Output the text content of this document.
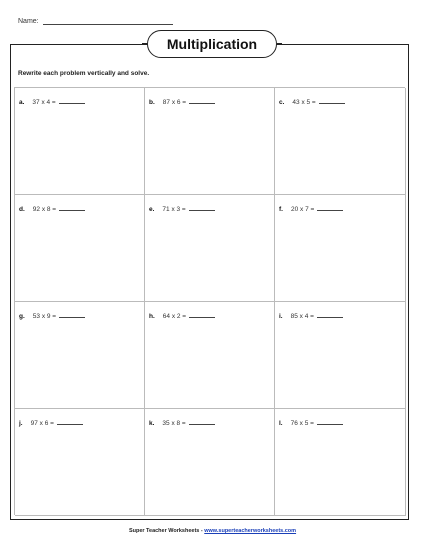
Name:
Multiplication
Rewrite each problem vertically and solve.
a. 37 x 4 =	b. 87 x 6 =	c. 43 x 5 =
d. 92 x 8 =	e. 71 x 3 =	f. 20 x 7 =
g. 53 x 9 =	h. 64 x 2 =	i. 85 x 4 =
j. 97 x 6 =	k. 35 x 8 =	l. 76 x 5 =
Super Teacher Worksheets - www.superteacherworksheets.com
